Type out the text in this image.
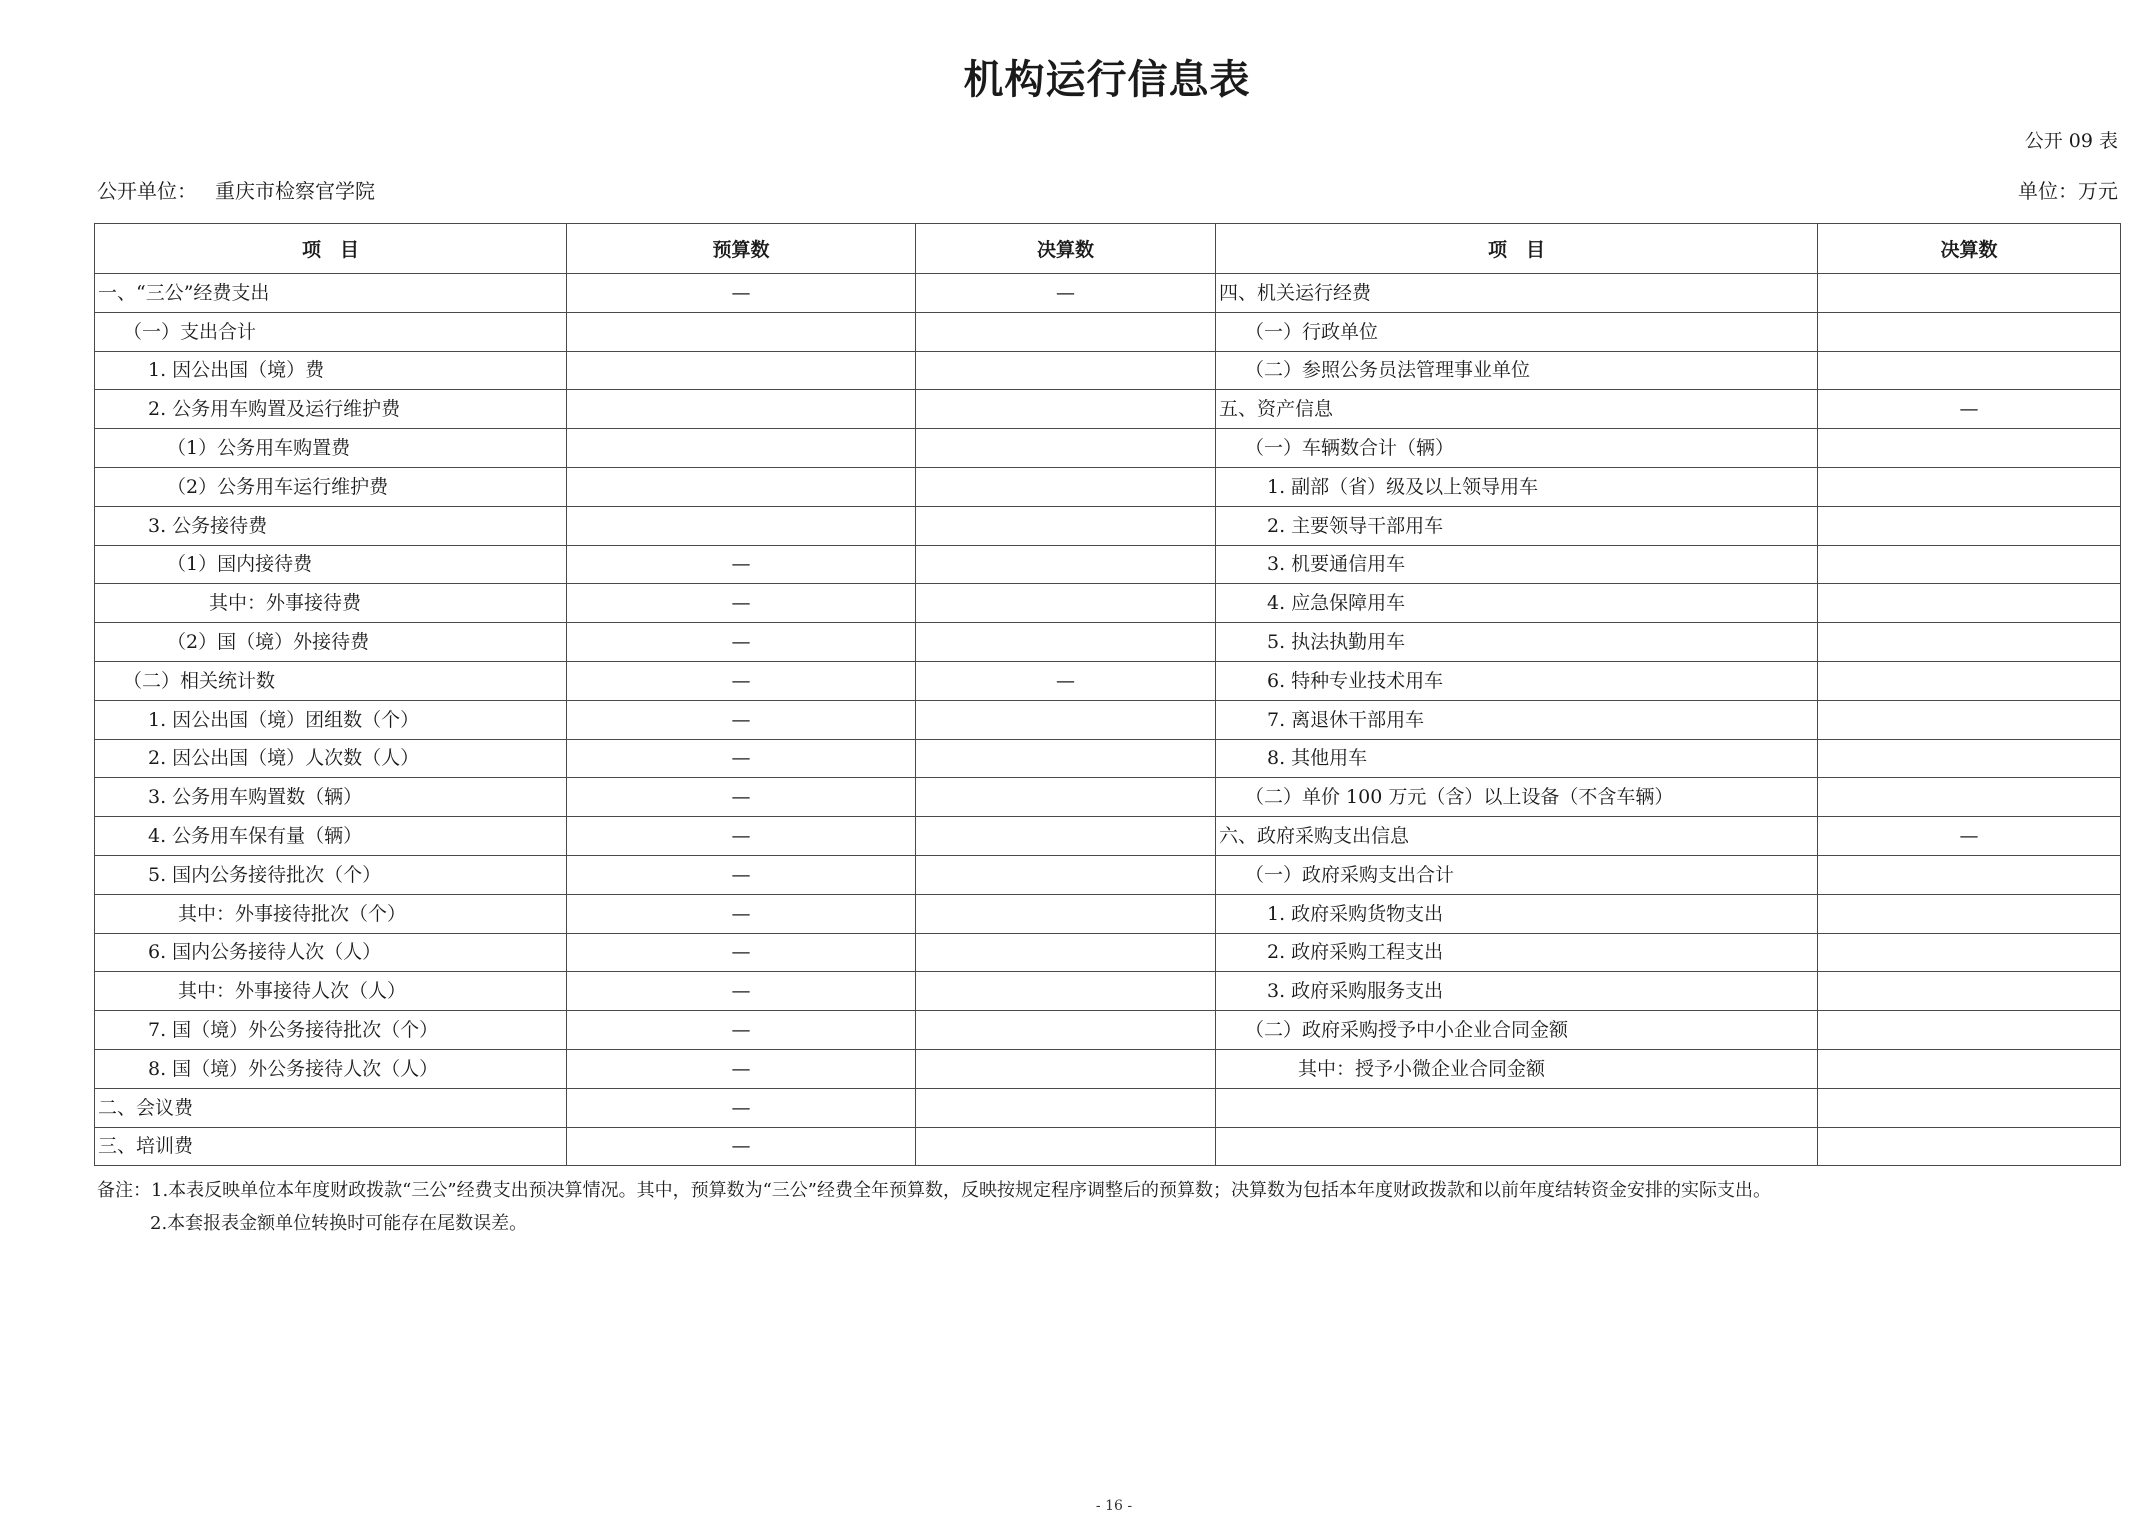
机构运行信息表
公开 09 表
公开单位： 重庆市检察官学院	单位：万元
项　目	预算数	决算数	项　目	决算数
一、“三公”经费支出	—	—	四、机关运行经费	
（一）支出合计			（一）行政单位	
1. 因公出国（境）费			（二）参照公务员法管理事业单位	
2. 公务用车购置及运行维护费			五、资产信息	—
（1）公务用车购置费			（一）车辆数合计（辆）	
（2）公务用车运行维护费			1. 副部（省）级及以上领导用车	
3. 公务接待费			2. 主要领导干部用车	
（1）国内接待费	—		3. 机要通信用车	
其中：外事接待费	—		4. 应急保障用车	
（2）国（境）外接待费	—		5. 执法执勤用车	
（二）相关统计数	—	—	6. 特种专业技术用车	
1. 因公出国（境）团组数（个）	—		7. 离退休干部用车	
2. 因公出国（境）人次数（人）	—		8. 其他用车	
3. 公务用车购置数（辆）	—		（二）单价 100 万元（含）以上设备（不含车辆）	
4. 公务用车保有量（辆）	—		六、政府采购支出信息	—
5. 国内公务接待批次（个）	—		（一）政府采购支出合计	
其中：外事接待批次（个）	—		1. 政府采购货物支出	
6. 国内公务接待人次（人）	—		2. 政府采购工程支出	
其中：外事接待人次（人）	—		3. 政府采购服务支出	
7. 国（境）外公务接待批次（个）	—		（二）政府采购授予中小企业合同金额	
8. 国（境）外公务接待人次（人）	—		其中：授予小微企业合同金额	
二、会议费	—			
三、培训费	—			
备注：1.本表反映单位本年度财政拨款“三公”经费支出预决算情况。其中，预算数为“三公”经费全年预算数，反映按规定程序调整后的预算数；决算数为包括本年度财政拨款和以前年度结转资金安排的实际支出。
2.本套报表金额单位转换时可能存在尾数误差。
- 16 -
